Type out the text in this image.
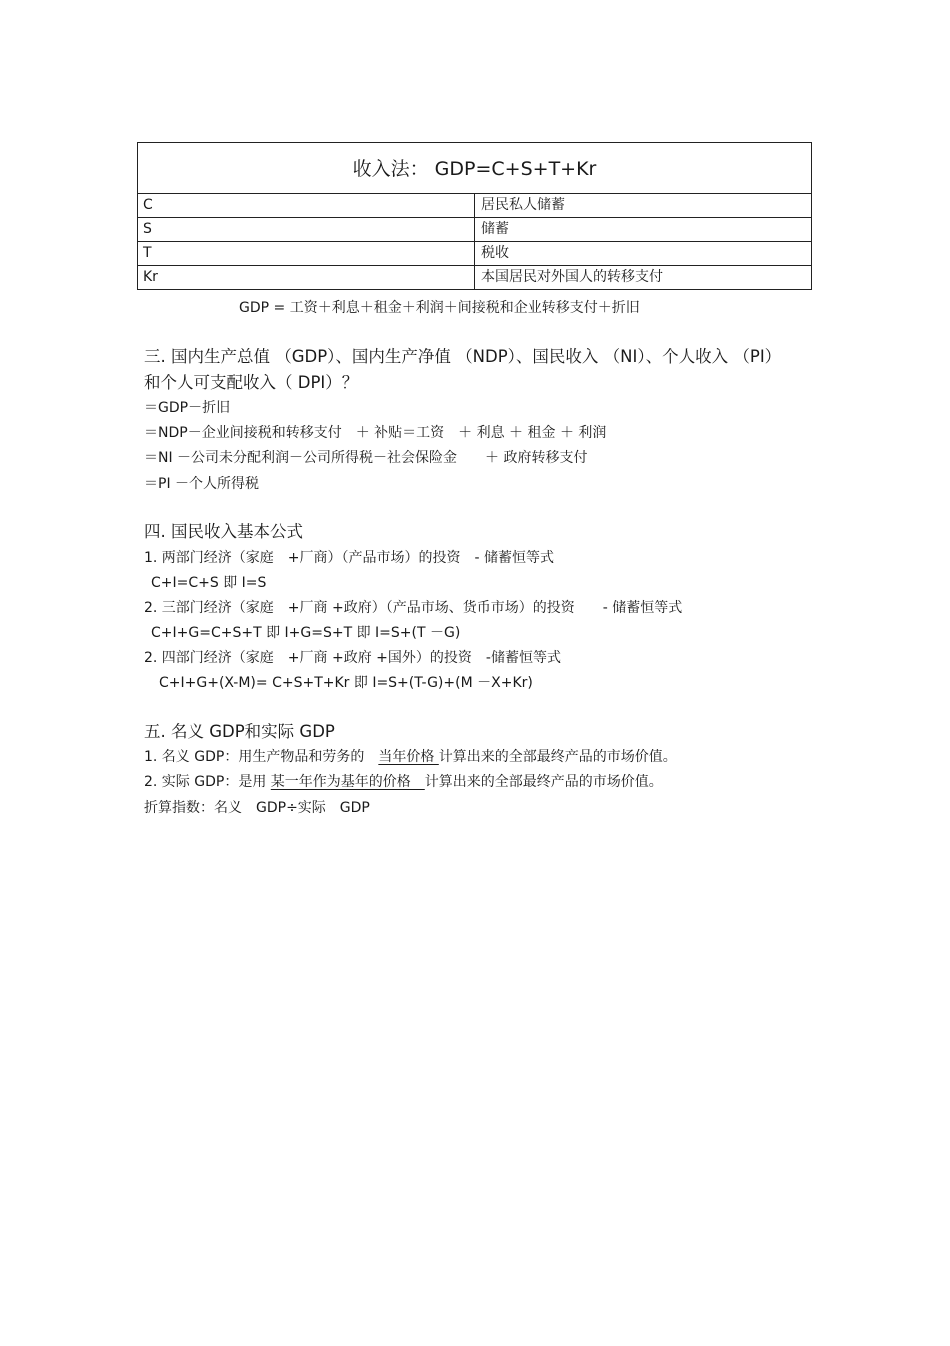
收入法： GDP=C+S+T+Kr	
C	居民私人储蓄
S	储蓄
T	税收
Kr	本国居民对外国人的转移支付
GDP = 工资＋利息＋租金＋利润＋间接税和企业转移支付＋折旧
三. 国内生产总值 （GDP）、国内生产净值 （NDP）、国民收入 （NI）、个人收入 （PI）
和个人可支配收入（ DPI）？
＝GDP－折旧
＝NDP－企业间接税和转移支付　＋ 补贴＝工资　＋ 利息 ＋ 租金 ＋ 利润
＝NI －公司未分配利润－公司所得税－社会保险金　　＋ 政府转移支付
＝PI －个人所得税
四. 国民收入基本公式
1. 两部门经济（家庭　+厂商）（产品市场）的投资　- 储蓄恒等式
C+I=C+S 即 I=S
2. 三部门经济（家庭　+厂商 +政府）（产品市场、货币市场）的投资　　- 储蓄恒等式
C+I+G=C+S+T 即 I+G=S+T 即 I=S+(T －G)
2. 四部门经济（家庭　+厂商 +政府 +国外）的投资　-储蓄恒等式
C+I+G+(X-M)= C+S+T+Kr 即 I=S+(T-G)+(M －X+Kr)
五. 名义 GDP和实际 GDP
1. 名义 GDP：用生产物品和劳务的　当年价格 计算出来的全部最终产品的市场价值。
2. 实际 GDP：是用 某一年作为基年的价格　计算出来的全部最终产品的市场价值。
折算指数：名义　GDP÷实际　GDP
